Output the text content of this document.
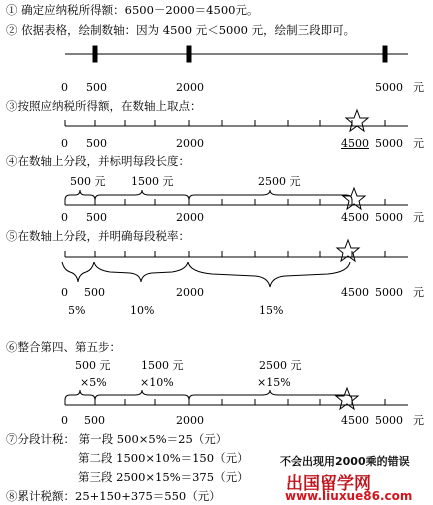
① 确定应纳税所得额：6500－2000＝4500元。
② 依据表格，绘制数轴：因为 4500 元＜5000 元，绘制三段即可。
0 500	2000	5000 元
③按照应纳税所得额，在数轴上取点：
0 500	2000	4500 5000 元
④在数轴上分段，并标明每段长度：
500 元 1500 元	2500 元
0 500	2000	4500 5000 元
⑤在数轴上分段，并明确每段税率：
0 500	2000	4500 5000 元
5%	10%	15%
⑥整合第四、第五步：
500 元
×5%
1500 元
×10%
2500 元
×15%
0 500	2000	4500 5000 元
⑦分段计税： 第一段 500×5%＝25（元）
第二段 1500×10%＝150（元）
第三段 2500×15%＝375（元）
⑧累计税额：25+150+375＝550（元）
不会出现用2000乘的错误
出国留学网
www.liuxue86.com
